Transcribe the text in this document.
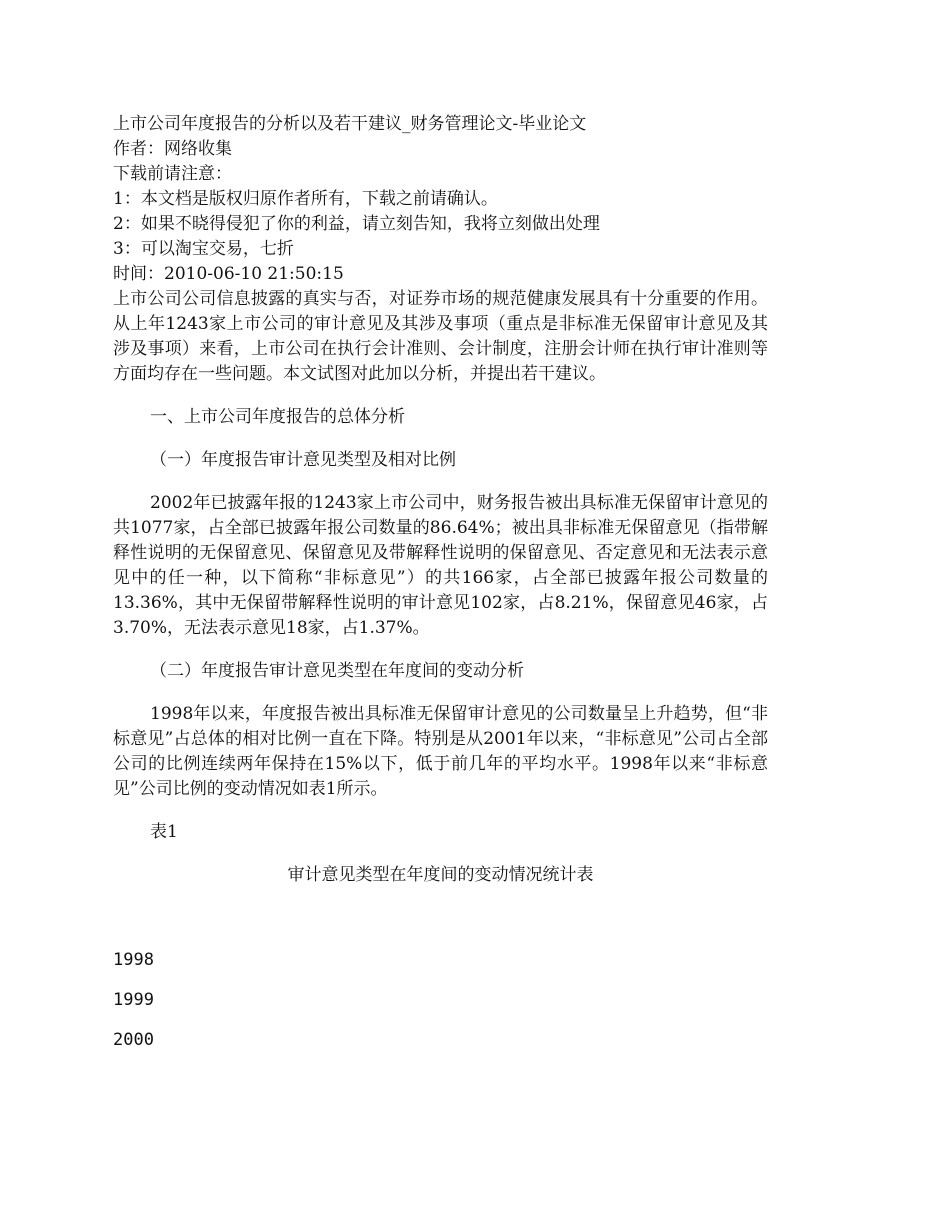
上市公司年度报告的分析以及若干建议_财务管理论文-毕业论文
作者：网络收集
下载前请注意：
1：本文档是版权归原作者所有，下载之前请确认。
2：如果不晓得侵犯了你的利益，请立刻告知，我将立刻做出处理
3：可以淘宝交易，七折
时间：2010-06-10 21:50:15
上市公司公司信息披露的真实与否，对证券市场的规范健康发展具有十分重要的作用。从上年1243家上市公司的审计意见及其涉及事项（重点是非标准无保留审计意见及其涉及事项）来看，上市公司在执行会计准则、会计制度，注册会计师在执行审计准则等方面均存在一些问题。本文试图对此加以分析，并提出若干建议。
一、上市公司年度报告的总体分析
（一）年度报告审计意见类型及相对比例
2002年已披露年报的1243家上市公司中，财务报告被出具标准无保留审计意见的共1077家，占全部已披露年报公司数量的86.64%；被出具非标准无保留意见（指带解释性说明的无保留意见、保留意见及带解释性说明的保留意见、否定意见和无法表示意见中的任一种，以下简称“非标意见”）的共166家，占全部已披露年报公司数量的13.36%，其中无保留带解释性说明的审计意见102家，占8.21%，保留意见46家，占3.70%，无法表示意见18家，占1.37%。
（二）年度报告审计意见类型在年度间的变动分析
1998年以来，年度报告被出具标准无保留审计意见的公司数量呈上升趋势，但“非标意见”占总体的相对比例一直在下降。特别是从2001年以来，“非标意见”公司占全部公司的比例连续两年保持在15%以下，低于前几年的平均水平。1998年以来“非标意见”公司比例的变动情况如表1所示。
表1
审计意见类型在年度间的变动情况统计表
1998
1999
2000
